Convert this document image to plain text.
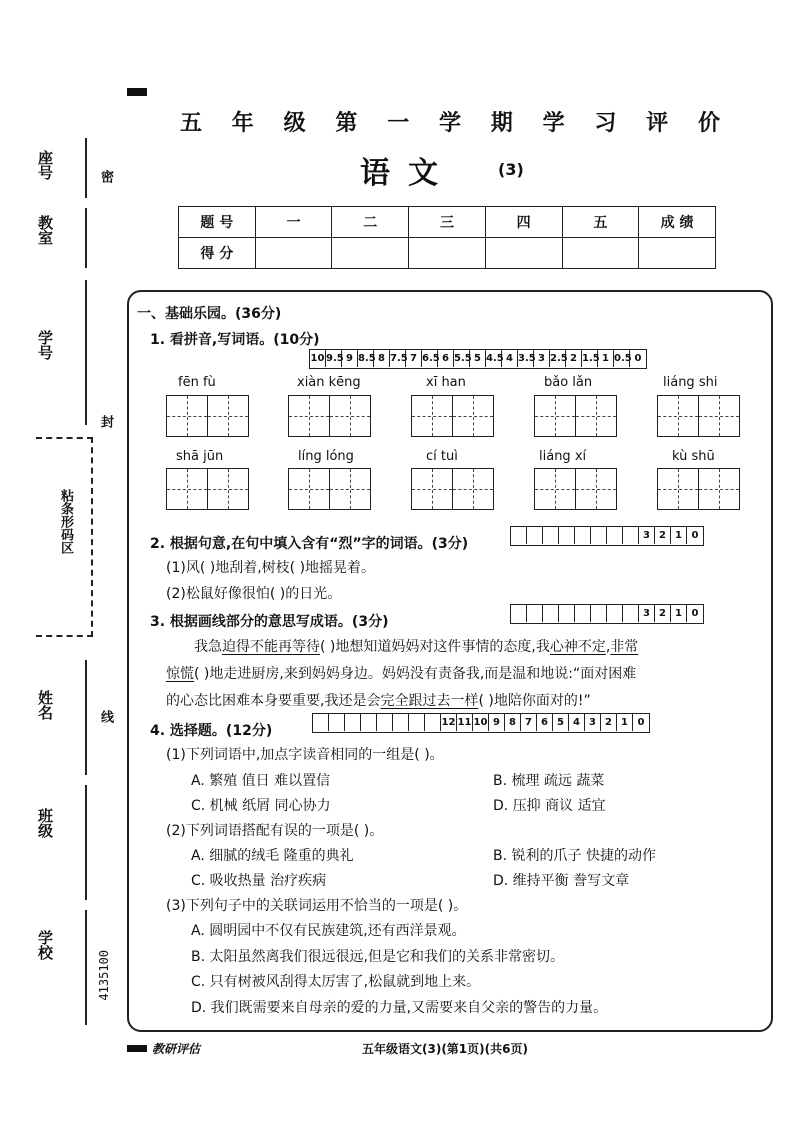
座号
教室
学号
姓名
班级
学校
密
封
线
粘条形码区
4135100
五 年 级 第 一 学 期 学 习 评 价
语文	(3)
题 号	一	二	三	四	五	成 绩
得 分						
一、基础乐园。(36分)
1. 看拼音,写词语。(10分)
10 9.5 9 8.5 8 7.5 7 6.5 6 5.5 5 4.5 4 3.5 3 2.5 2 1.5 1 0.5 0
fēn fù	xiàn kēng	xī han	bǎo lǎn	liáng shi
shā jūn	líng lóng	cí tuì	liáng xí	kù shū
2. 根据句意,在句中填入含有“烈”字的词语。(3分)
3 2 1 0
(1)风( )地刮着,树枝( )地摇晃着。
(2)松鼠好像很怕( )的日光。
3. 根据画线部分的意思写成语。(3分)
3 2 1 0
我急迫得不能再等待( )地想知道妈妈对这件事情的态度,我心神不定,非常
惊慌( )地走进厨房,来到妈妈身边。妈妈没有责备我,而是温和地说:“面对困难
的心态比困难本身要重要,我还是会完全跟过去一样( )地陪你面对的!”
4. 选择题。(12分)
12 11 10 9 8 7 6 5 4 3 2 1 0
(1)下列词语中,加点字读音相同的一组是( )。
A. 繁殖 值日 难以置信	B. 梳理 疏远 蔬菜
C. 机械 纸屑 同心协力	D. 压抑 商议 适宜
(2)下列词语搭配有误的一项是( )。
A. 细腻的绒毛 隆重的典礼	B. 锐利的爪子 快捷的动作
C. 吸收热量 治疗疾病	D. 维持平衡 誊写文章
(3)下列句子中的关联词运用不恰当的一项是( )。
A. 圆明园中不仅有民族建筑,还有西洋景观。
B. 太阳虽然离我们很远很远,但是它和我们的关系非常密切。
C. 只有树被风刮得太厉害了,松鼠就到地上来。
D. 我们既需要来自母亲的爱的力量,又需要来自父亲的警告的力量。
教研评估	五年级语文(3)(第1页)(共6页)
